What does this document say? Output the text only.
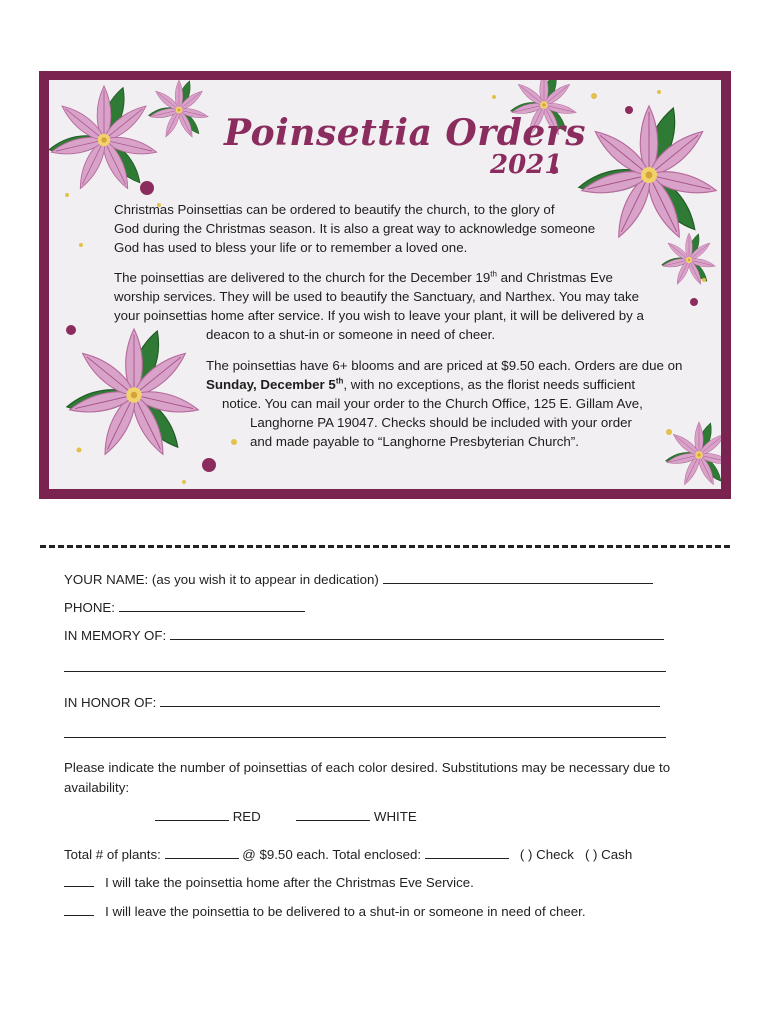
Poinsettia Orders
2021
Christmas Poinsettias can be ordered to beautify the church, to the glory of
God during the Christmas season. It is also a great way to acknowledge someone
God has used to bless your life or to remember a loved one.
The poinsettias are delivered to the church for the December 19th and Christmas Eve
worship services. They will be used to beautify the Sanctuary, and Narthex. You may take
your poinsettias home after service. If you wish to leave your plant, it will be delivered by a
deacon to a shut-in or someone in need of cheer.
The poinsettias have 6+ blooms and are priced at $9.50 each. Orders are due on
Sunday, December 5th, with no exceptions, as the florist needs sufficient
notice. You can mail your order to the Church Office, 125 E. Gillam Ave,
Langhorne PA 19047. Checks should be included with your order
and made payable to “Langhorne Presbyterian Church”.
YOUR NAME: (as you wish it to appear in dedication)
PHONE:
IN MEMORY OF:
IN HONOR OF:
Please indicate the number of poinsettias of each color desired. Substitutions may be necessary due to
availability:
RED	WHITE
Total # of plants:	@ $9.50 each. Total enclosed:	( ) Check ( ) Cash
I will take the poinsettia home after the Christmas Eve Service.
I will leave the poinsettia to be delivered to a shut-in or someone in need of cheer.
